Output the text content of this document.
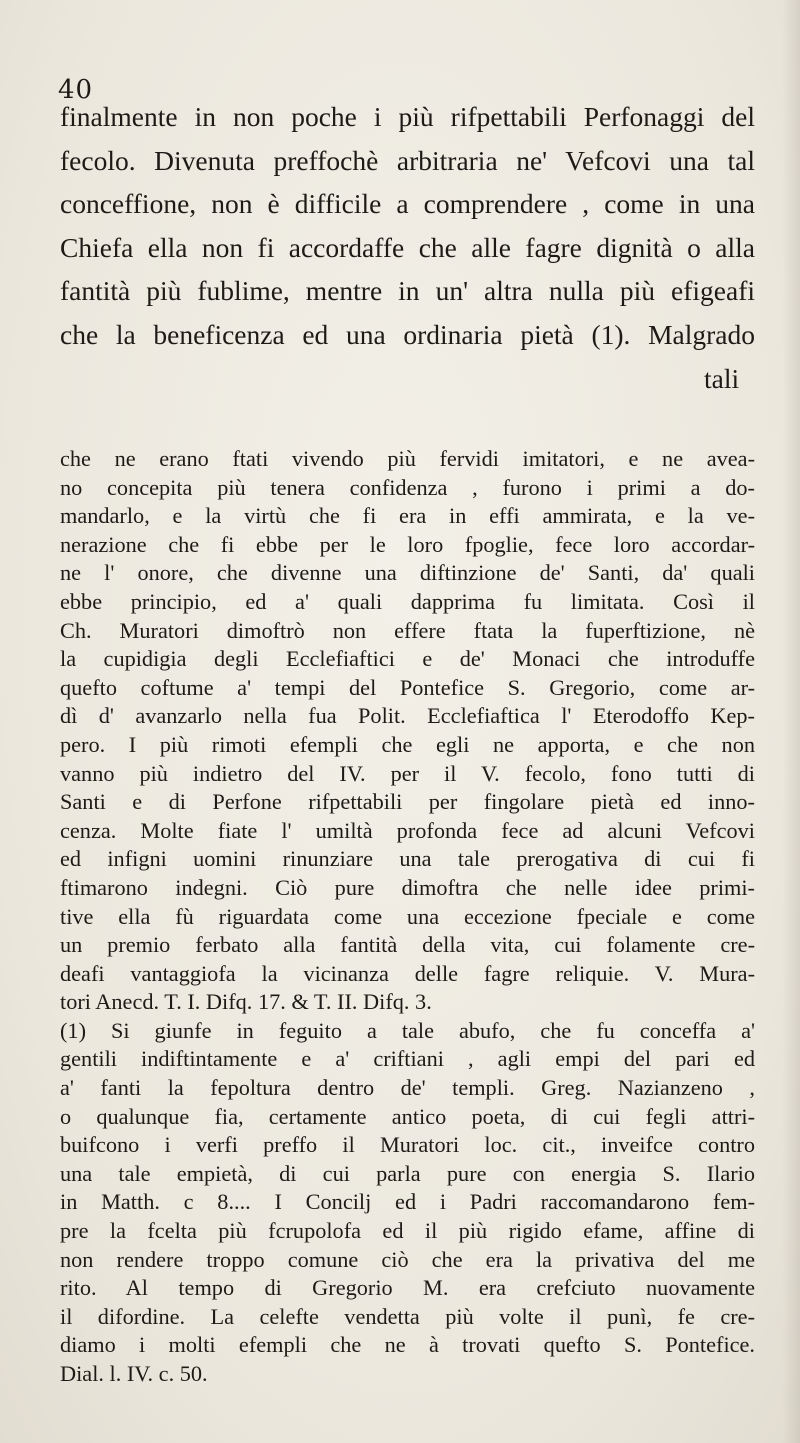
40
finalmente in non poche i più rifpettabili Perfonaggi del
fecolo. Divenuta preffochè arbitraria ne' Vefcovi una tal
conceffione, non è difficile a comprendere , come in una
Chiefa ella non fi accordaffe che alle fagre dignità o alla
fantità più fublime, mentre in un' altra nulla più efigeafi
che la beneficenza ed una ordinaria pietà (1). Malgrado
tali
che ne erano ftati vivendo più fervidi imitatori, e ne avea-
no concepita più tenera confidenza , furono i primi a do-
mandarlo, e la virtù che fi era in effi ammirata, e la ve-
nerazione che fi ebbe per le loro fpoglie, fece loro accordar-
ne l' onore, che divenne una diftinzione de' Santi, da' quali
ebbe principio, ed a' quali dapprima fu limitata. Così il
Ch. Muratori dimoftrò non effere ftata la fuperftizione, nè
la cupidigia degli Ecclefiaftici e de' Monaci che introduffe
quefto coftume a' tempi del Pontefice S. Gregorio, come ar-
dì d' avanzarlo nella fua Polit. Ecclefiaftica l' Eterodoffo Kep-
pero. I più rimoti efempli che egli ne apporta, e che non
vanno più indietro del IV. per il V. fecolo, fono tutti di
Santi e di Perfone rifpettabili per fingolare pietà ed inno-
cenza. Molte fiate l' umiltà profonda fece ad alcuni Vefcovi
ed infigni uomini rinunziare una tale prerogativa di cui fi
ftimarono indegni. Ciò pure dimoftra che nelle idee primi-
tive ella fù riguardata come una eccezione fpeciale e come
un premio ferbato alla fantità della vita, cui folamente cre-
deafi vantaggiofa la vicinanza delle fagre reliquie. V. Mura-
tori Anecd. T. I. Difq. 17. & T. II. Difq. 3.
(1) Si giunfe in feguito a tale abufo, che fu conceffa a'
gentili indiftintamente e a' criftiani , agli empi del pari ed
a' fanti la fepoltura dentro de' templi. Greg. Nazianzeno ,
o qualunque fia, certamente antico poeta, di cui fegli attri-
buifcono i verfi preffo il Muratori loc. cit., inveifce contro
una tale empietà, di cui parla pure con energia S. Ilario
in Matth. c 8.... I Concilj ed i Padri raccomandarono fem-
pre la fcelta più fcrupolofa ed il più rigido efame, affine di
non rendere troppo comune ciò che era la privativa del me
rito. Al tempo di Gregorio M. era crefciuto nuovamente
il difordine. La celefte vendetta più volte il punì, fe cre-
diamo i molti efempli che ne à trovati quefto S. Pontefice.
Dial. l. IV. c. 50.
